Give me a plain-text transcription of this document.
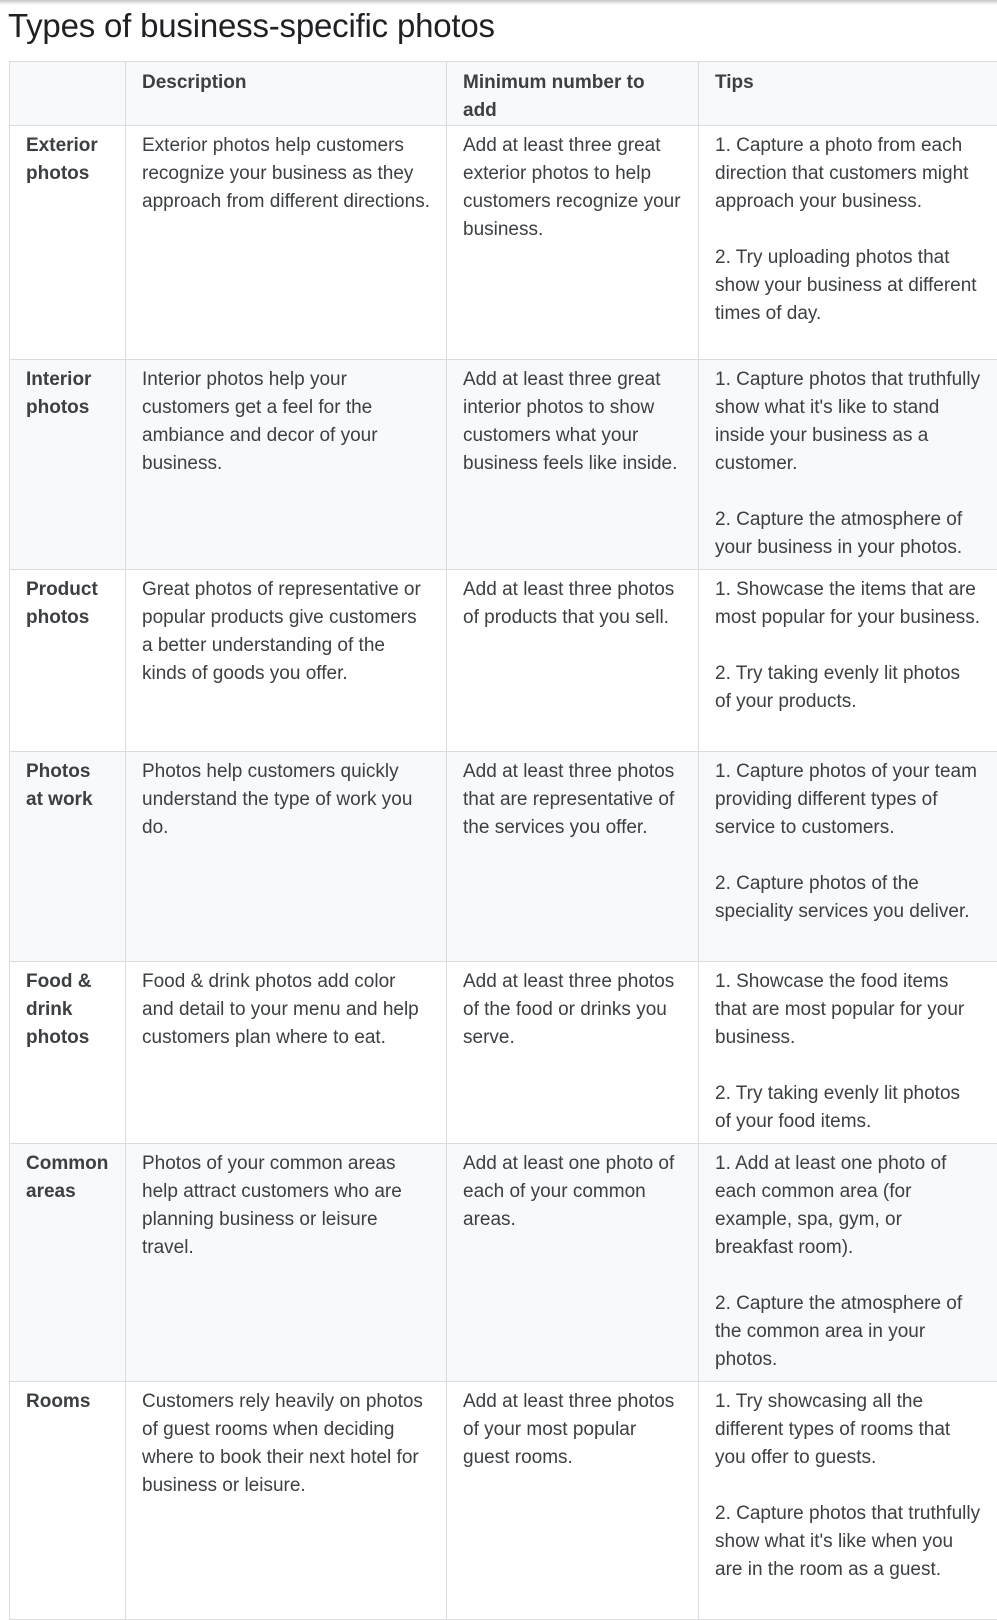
Types of business-specific photos
	Description	Minimum number to add	Tips
Exterior photos	Exterior photos help customers recognize your business as they approach from different directions.	Add at least three great exterior photos to help customers recognize your business.	1. Capture a photo from each direction that customers might approach your business.

2. Try uploading photos that show your business at different times of day.

Interior photos	Interior photos help your customers get a feel for the ambiance and decor of your business.	Add at least three great interior photos to show customers what your business feels like inside.	1. Capture photos that truthfully show what it's like to stand inside your business as a customer.

2. Capture the atmosphere of your business in your photos.

Product photos	Great photos of representative or popular products give customers a better understanding of the kinds of goods you offer.	Add at least three photos of products that you sell.	1. Showcase the items that are most popular for your business.

2. Try taking evenly lit photos of your products.

Photos at work	Photos help customers quickly understand the type of work you do.	Add at least three photos that are representative of the services you offer.	1. Capture photos of your team providing different types of service to customers.

2. Capture photos of the speciality services you deliver.

Food & drink photos	Food & drink photos add color and detail to your menu and help customers plan where to eat.	Add at least three photos of the food or drinks you serve.	1. Showcase the food items that are most popular for your business.

2. Try taking evenly lit photos of your food items.

Common areas	Photos of your common areas help attract customers who are planning business or leisure travel.	Add at least one photo of each of your common areas.	1. Add at least one photo of each common area (for example, spa, gym, or breakfast room).

2. Capture the atmosphere of the common area in your photos.

Rooms	Customers rely heavily on photos of guest rooms when deciding where to book their next hotel for business or leisure.	Add at least three photos of your most popular guest rooms.	1. Try showcasing all the different types of rooms that you offer to guests.

2. Capture photos that truthfully show what it's like when you are in the room as a guest.
